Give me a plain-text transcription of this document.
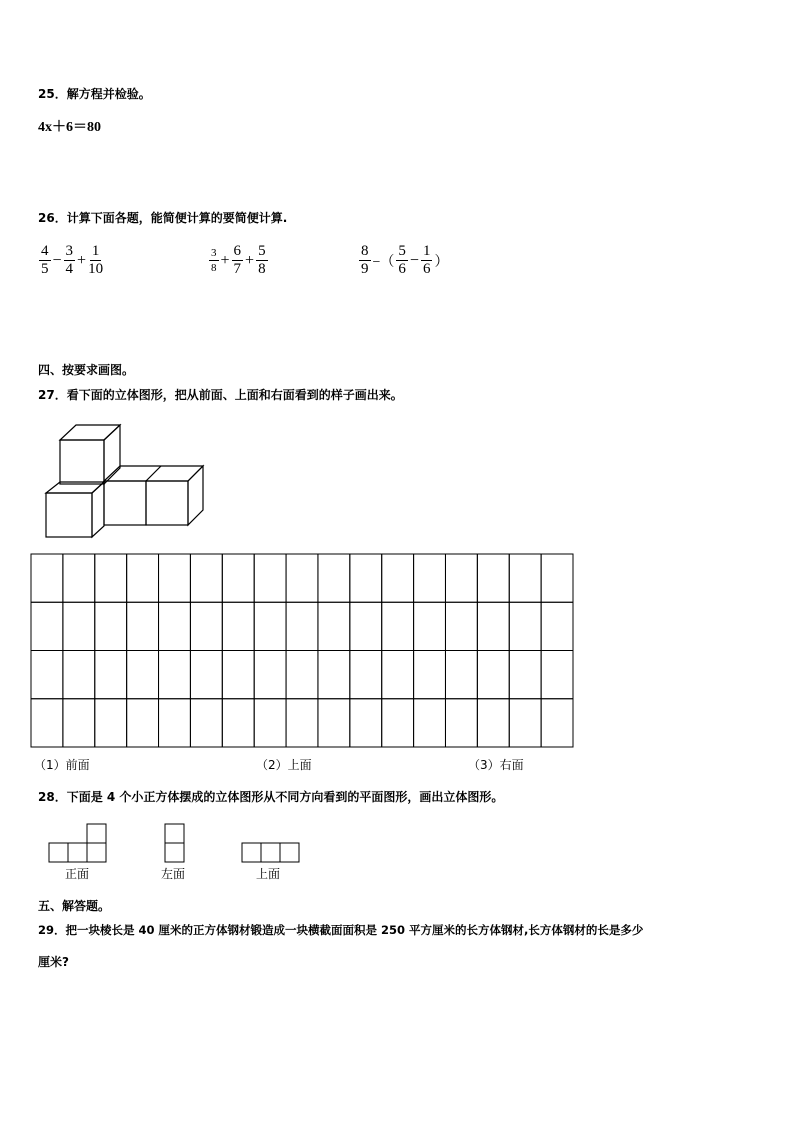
25．解方程并检验。
4x＋6＝80
26．计算下面各题，能简便计算的要简便计算.
$\frac{4}{5} - \frac{3}{4} + \frac{1}{10}$	$\frac{3}{8} + \frac{6}{7} + \frac{5}{8}$	$\frac{8}{9}$ −（ $\frac{5}{6} - \frac{1}{6}$ ）
四、按要求画图。
27．看下面的立体图形，把从前面、上面和右面看到的样子画出来。
（1）前面	（2）上面	（3）右面
28．下面是 4 个小正方体摆成的立体图形从不同方向看到的平面图形，画出立体图形。
正面	左面	上面
五、解答题。
29．把一块棱长是 40 厘米的正方体钢材锻造成一块横截面面积是 250 平方厘米的长方体钢材,长方体钢材的长是多少
厘米?
